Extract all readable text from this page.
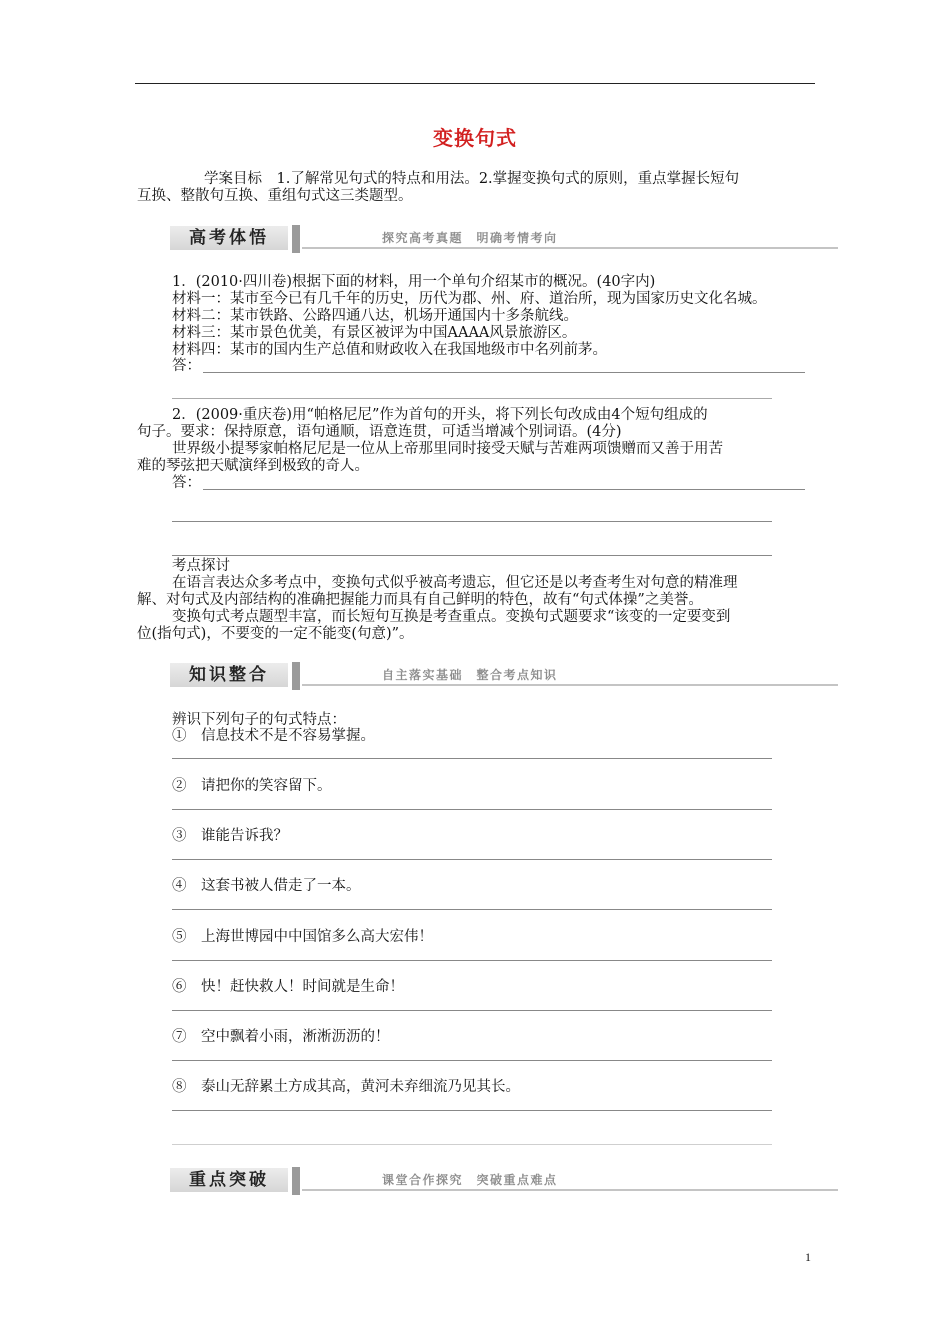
变换句式
学案目标　1.了解常见句式的特点和用法。2.掌握变换句式的原则，重点掌握长短句
互换、整散句互换、重组句式这三类题型。
高考体悟	探究高考真题　明确考情考向
1．(2010·四川卷)根据下面的材料，用一个单句介绍某市的概况。(40字内)
材料一：某市至今已有几千年的历史，历代为郡、州、府、道治所，现为国家历史文化名城。
材料二：某市铁路、公路四通八达，机场开通国内十多条航线。
材料三：某市景色优美，有景区被评为中国AAAA风景旅游区。
材料四：某市的国内生产总值和财政收入在我国地级市中名列前茅。
答：
2．(2009·重庆卷)用“帕格尼尼”作为首句的开头，将下列长句改成由4个短句组成的
句子。要求：保持原意，语句通顺，语意连贯，可适当增减个别词语。(4分)
世界级小提琴家帕格尼尼是一位从上帝那里同时接受天赋与苦难两项馈赠而又善于用苦
难的琴弦把天赋演绎到极致的奇人。
答：
考点探讨
在语言表达众多考点中，变换句式似乎被高考遗忘，但它还是以考查考生对句意的精准理
解、对句式及内部结构的准确把握能力而具有自己鲜明的特色，故有“句式体操”之美誉。
变换句式考点题型丰富，而长短句互换是考查重点。变换句式题要求“该变的一定要变到
位(指句式)，不要变的一定不能变(句意)”。
知识整合	自主落实基础　整合考点知识
辨识下列句子的句式特点：
①　信息技术不是不容易掌握。
②　请把你的笑容留下。
③　谁能告诉我？
④　这套书被人借走了一本。
⑤　上海世博园中中国馆多么高大宏伟！
⑥　快！赶快救人！时间就是生命！
⑦　空中飘着小雨，淅淅沥沥的！
⑧　泰山无辞累土方成其高，黄河未弃细流乃见其长。
重点突破	课堂合作探究　突破重点难点
1
